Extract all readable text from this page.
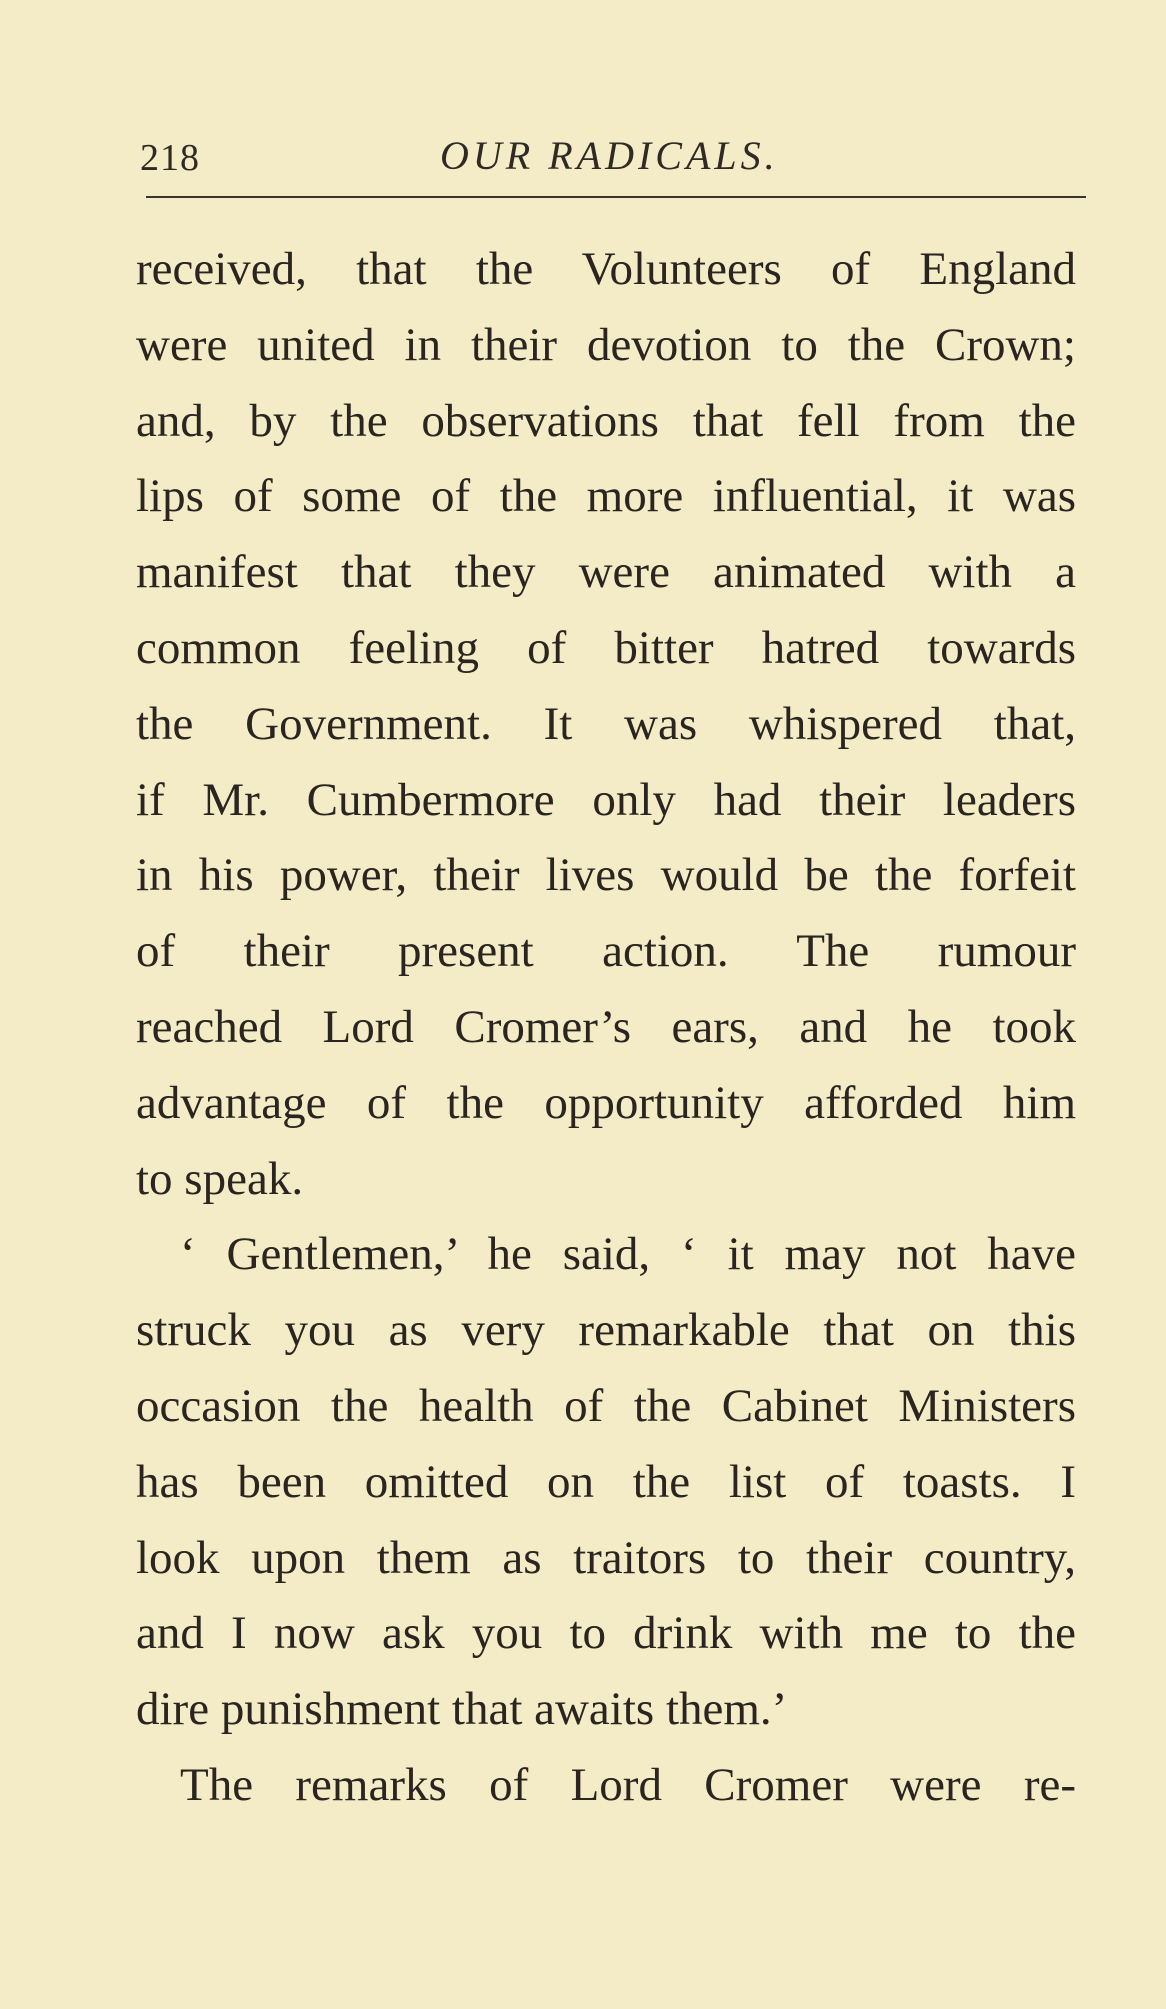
218	OUR RADICALS.
received, that the Volunteers of England
were united in their devotion to the Crown;
and, by the observations that fell from the
lips of some of the more influential, it was
manifest that they were animated with a
common feeling of bitter hatred towards
the Government. It was whispered that,
if Mr. Cumbermore only had their leaders
in his power, their lives would be the forfeit
of their present action. The rumour
reached Lord Cromer’s ears, and he took
advantage of the opportunity afforded him
to speak.
‘ Gentlemen,’ he said, ‘ it may not have
struck you as very remarkable that on this
occasion the health of the Cabinet Ministers
has been omitted on the list of toasts. I
look upon them as traitors to their country,
and I now ask you to drink with me to the
dire punishment that awaits them.’
The remarks of Lord Cromer were re-
